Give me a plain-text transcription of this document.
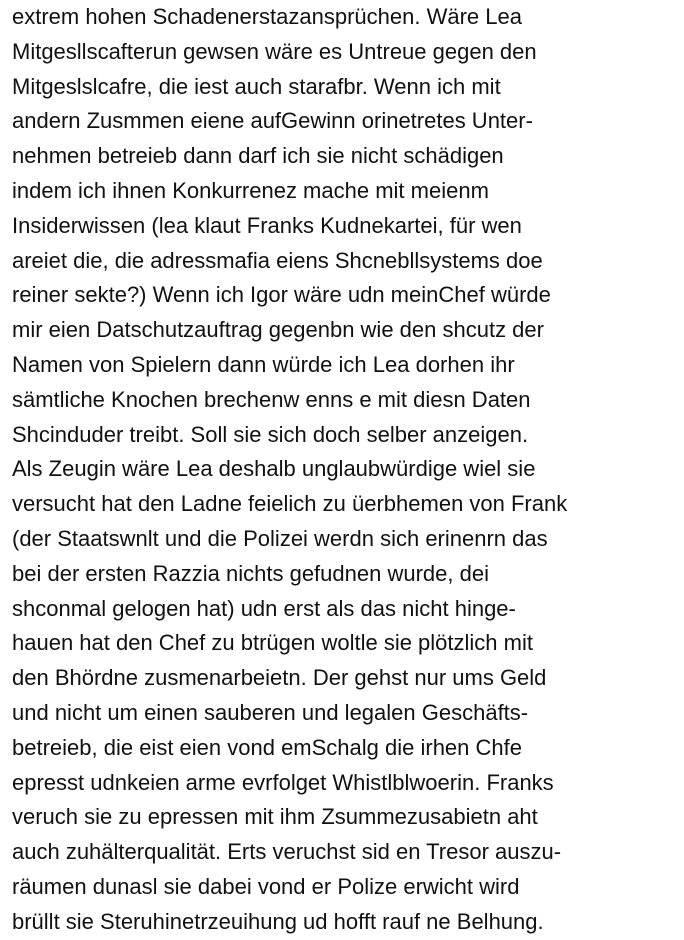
extrem hohen Schadenerstazansprüchen. Wäre Lea
Mitgesllscafterun gewsen wäre es Untreue gegen den
Mitgeslslcafre, die iest auch starafbr. Wenn ich mit
andern Zusmmen eiene aufGewinn orinetretes Unter-
nehmen betreieb dann darf ich sie nicht schädigen
indem ich ihnen Konkurrenez mache mit meienm
Insiderwissen (lea klaut Franks Kudnekartei, für wen
areiet die, die adressmafia eiens Shcnebllsystems doe
reiner sekte?) Wenn ich Igor wäre udn meinChef würde
mir eien Datschutzauftrag gegenbn wie den shcutz der
Namen von Spielern dann würde ich Lea dorhen ihr
sämtliche Knochen brechenw enns e mit diesn Daten
Shcinduder treibt. Soll sie sich doch selber anzeigen.
Als Zeugin wäre Lea deshalb unglaubwürdige wiel sie
versucht hat den Ladne feielich zu üerbhemen von Frank
(der Staatswnlt und die Polizei werdn sich erinenrn das
bei der ersten Razzia nichts gefudnen wurde, dei
shconmal gelogen hat) udn erst als das nicht hinge-
hauen hat den Chef zu btrügen woltle sie plötzlich mit
den Bhördne zusmenarbeietn. Der gehst nur ums Geld
und nicht um einen sauberen und legalen Geschäfts-
betreieb, die eist eien vond emSchalg die irhen Chfe
epresst udnkeien arme evrfolget Whistlblwoerin. Franks
veruch sie zu epressen mit ihm Zsummezusabietn aht
auch zuhälterqualität. Erts veruchst sid en Tresor auszu-
räumen dunasl sie dabei vond er Polize erwicht wird
brüllt sie Steruhinetrzeuihung ud hofft rauf ne Belhung.
